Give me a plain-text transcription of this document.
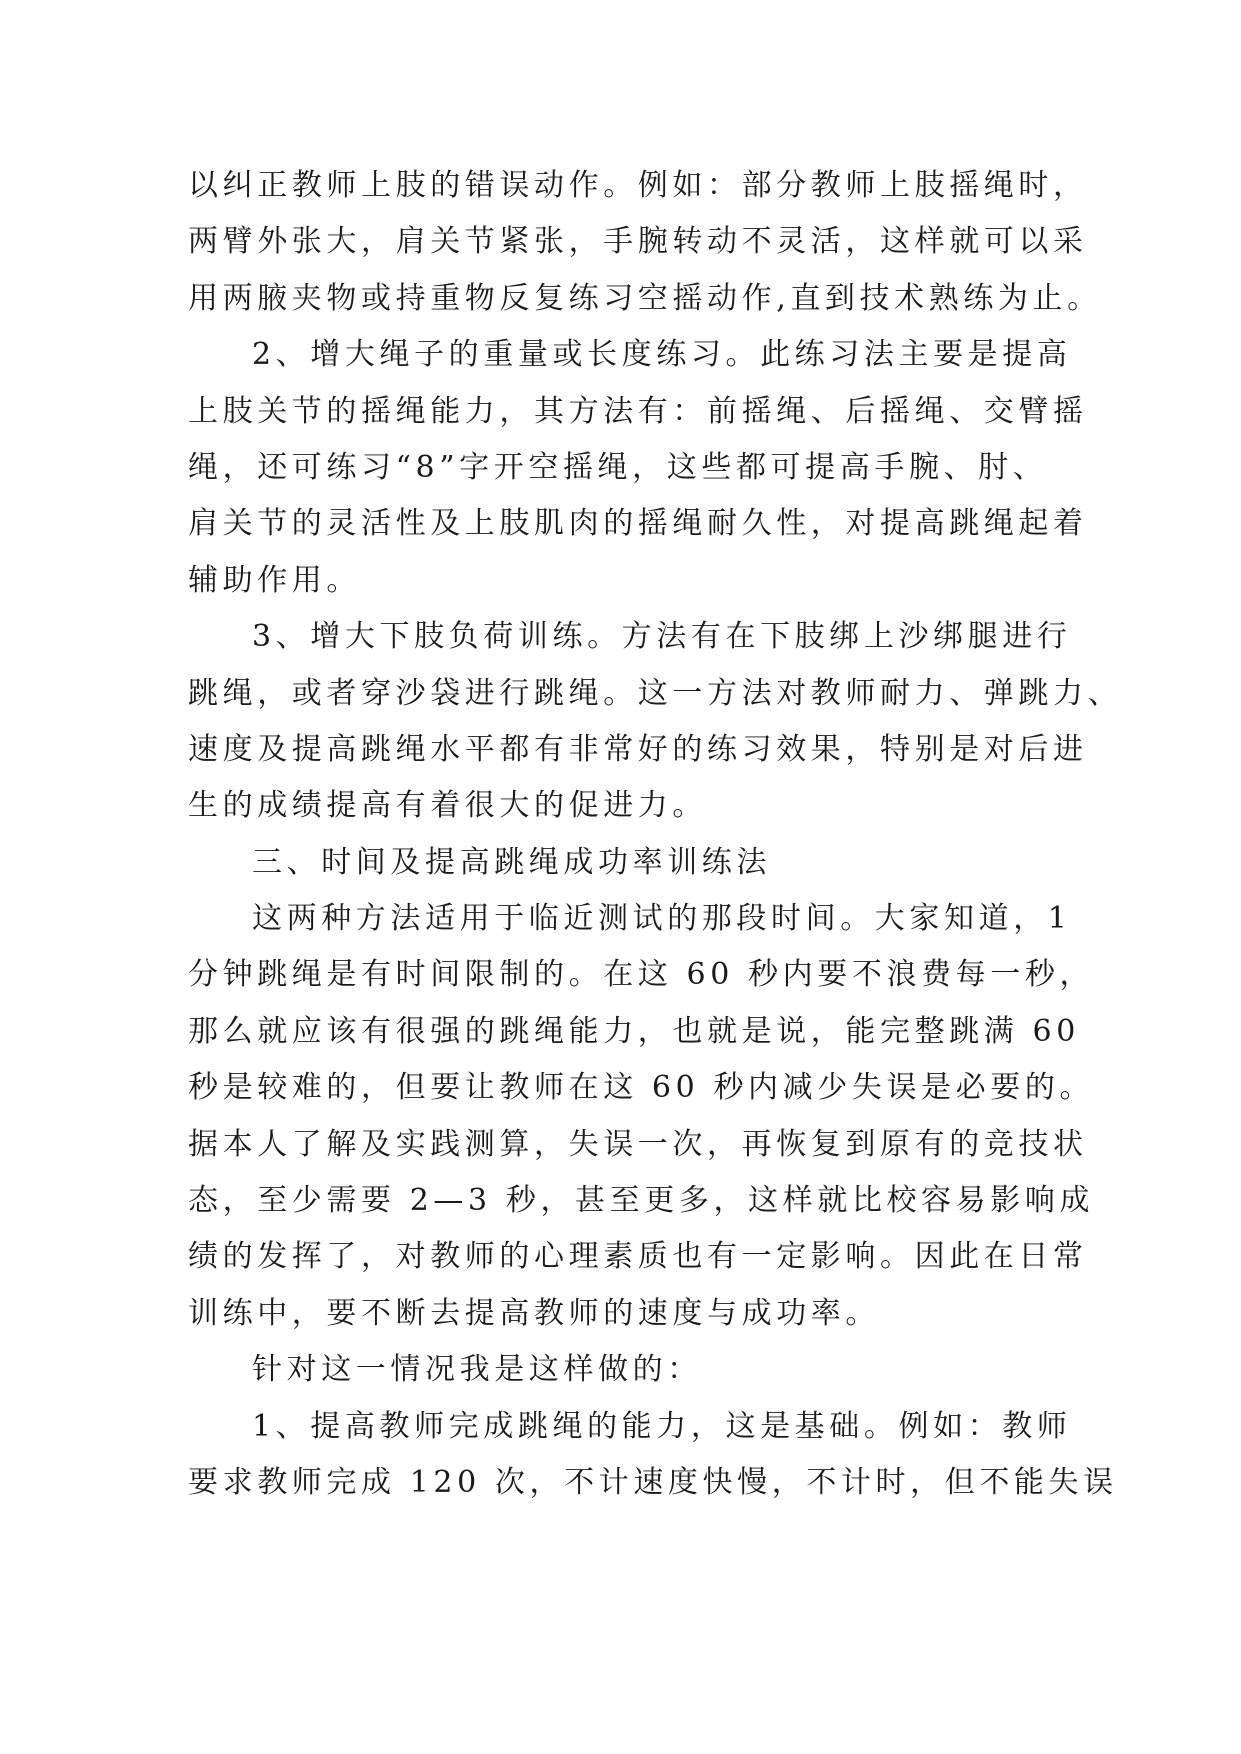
以纠正教师上肢的错误动作。例如：部分教师上肢摇绳时，
两臂外张大，肩关节紧张，手腕转动不灵活，这样就可以采
用两腋夹物或持重物反复练习空摇动作,直到技术熟练为止。
2、增大绳子的重量或长度练习。此练习法主要是提高
上肢关节的摇绳能力，其方法有：前摇绳、后摇绳、交臂摇
绳，还可练习“8”字开空摇绳，这些都可提高手腕、肘、
肩关节的灵活性及上肢肌肉的摇绳耐久性，对提高跳绳起着
辅助作用。
3、增大下肢负荷训练。方法有在下肢绑上沙绑腿进行
跳绳，或者穿沙袋进行跳绳。这一方法对教师耐力、弹跳力、
速度及提高跳绳水平都有非常好的练习效果，特别是对后进
生的成绩提高有着很大的促进力。
三、时间及提高跳绳成功率训练法
这两种方法适用于临近测试的那段时间。大家知道，1
分钟跳绳是有时间限制的。在这 60 秒内要不浪费每一秒，
那么就应该有很强的跳绳能力，也就是说，能完整跳满 60
秒是较难的，但要让教师在这 60 秒内减少失误是必要的。
据本人了解及实践测算，失误一次，再恢复到原有的竞技状
态，至少需要 2—3 秒，甚至更多，这样就比校容易影响成
绩的发挥了，对教师的心理素质也有一定影响。因此在日常
训练中，要不断去提高教师的速度与成功率。
针对这一情况我是这样做的：
1、提高教师完成跳绳的能力，这是基础。例如：教师
要求教师完成 120 次，不计速度快慢，不计时，但不能失误
